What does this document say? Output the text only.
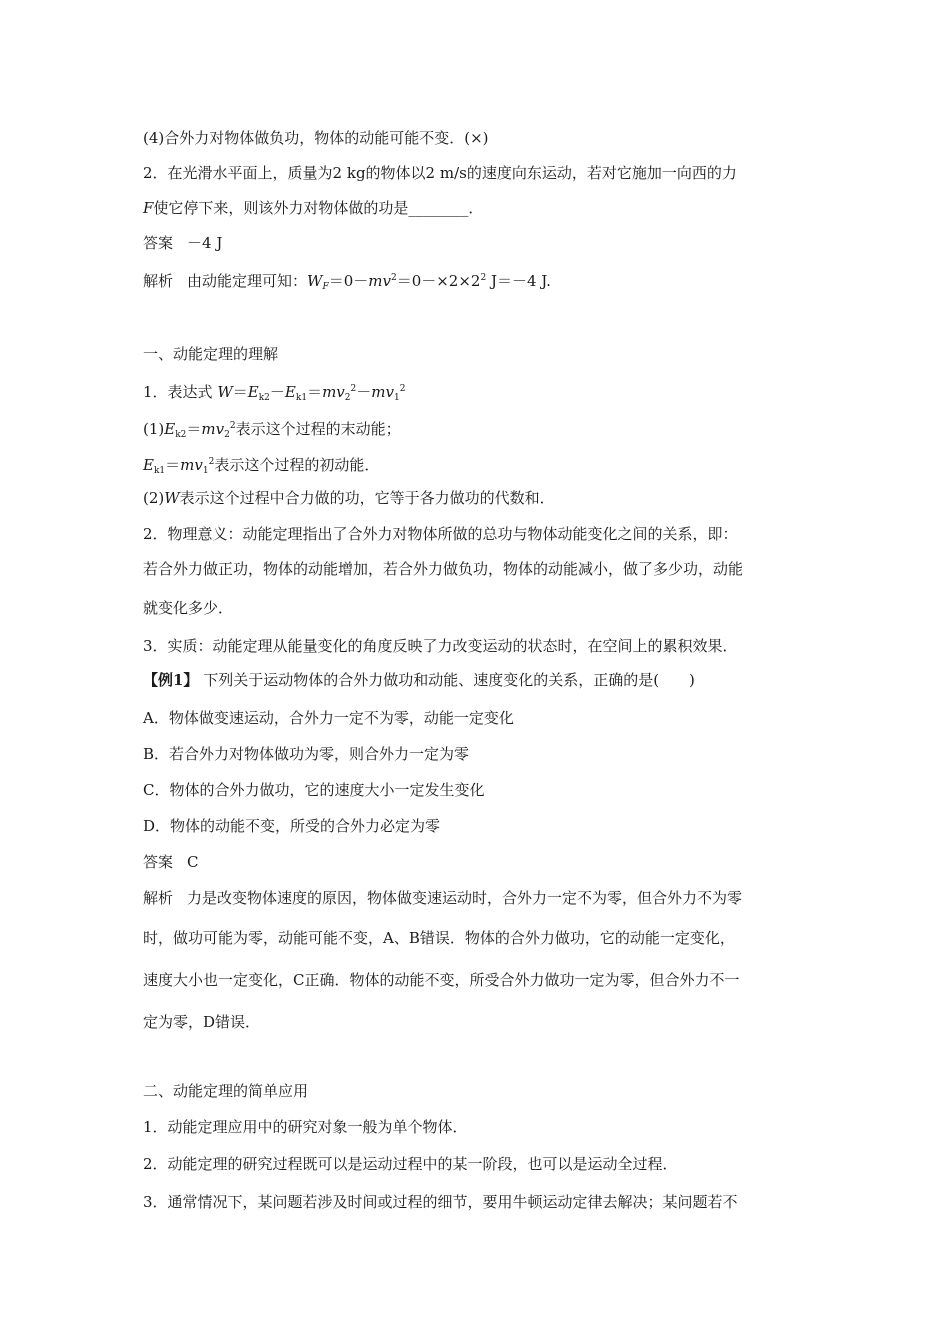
(4)合外力对物体做负功，物体的动能可能不变．(×)
2．在光滑水平面上，质量为2 kg的物体以2 m/s的速度向东运动，若对它施加一向西的力
F使它停下来，则该外力对物体做的功是________．
答案 －4 J
解析 由动能定理可知：$W_F=0-mv^2=0-\times 2\times 2^2$ J＝－4 J.
一、动能定理的理解
1．表达式 $W=E_{k2}-E_{k1}=mv_2^2-mv_1^2$
$(1)E_{k2}=mv_2^2$表示这个过程的末动能；
$E_{k1}=mv_1^2$表示这个过程的初动能．
(2)W表示这个过程中合力做的功，它等于各力做功的代数和．
2．物理意义：动能定理指出了合外力对物体所做的总功与物体动能变化之间的关系，即：
若合外力做正功，物体的动能增加，若合外力做负功，物体的动能减小，做了多少功，动能
就变化多少．
3．实质：动能定理从能量变化的角度反映了力改变运动的状态时，在空间上的累积效果．
【例1】 下列关于运动物体的合外力做功和动能、速度变化的关系，正确的是(　　)
A．物体做变速运动，合外力一定不为零，动能一定变化
B．若合外力对物体做功为零，则合外力一定为零
C．物体的合外力做功，它的速度大小一定发生变化
D．物体的动能不变，所受的合外力必定为零
答案 C
解析 力是改变物体速度的原因，物体做变速运动时，合外力一定不为零，但合外力不为零
时，做功可能为零，动能可能不变，A、B错误．物体的合外力做功，它的动能一定变化，
速度大小也一定变化，C正确．物体的动能不变，所受合外力做功一定为零，但合外力不一
定为零，D错误．
二、动能定理的简单应用
1．动能定理应用中的研究对象一般为单个物体．
2．动能定理的研究过程既可以是运动过程中的某一阶段，也可以是运动全过程．
3．通常情况下，某问题若涉及时间或过程的细节，要用牛顿运动定律去解决；某问题若不
